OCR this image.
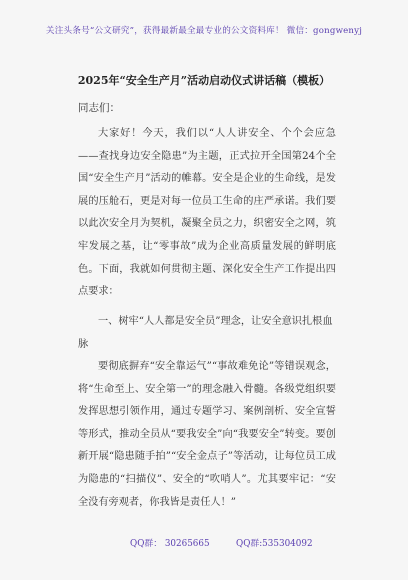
关注头条号“公文研究”，获得最新最全最专业的公文资料库！ 微信：gongwenyj
2025年“安全生产月”活动启动仪式讲话稿（模板）
同志们：
大家好！今天，我们以“人人讲安全、个个会应急——查找身边安全隐患”为主题，正式拉开全国第24个全国“安全生产月”活动的帷幕。安全是企业的生命线，是发展的压舱石，更是对每一位员工生命的庄严承诺。我们要以此次安全月为契机，凝聚全员之力，织密安全之网，筑牢发展之基，让“零事故”成为企业高质量发展的鲜明底色。下面，我就如何贯彻主题、深化安全生产工作提出四点要求：
一、树牢“人人都是安全员”理念，让安全意识扎根血脉
要彻底摒弃“安全靠运气”“事故难免论”等错误观念，将“生命至上、安全第一”的理念融入骨髓。各级党组织要发挥思想引领作用，通过专题学习、案例剖析、安全宣誓等形式，推动全员从“要我安全”向“我要安全”转变。要创新开展“隐患随手拍”“安全金点子”等活动，让每位员工成为隐患的“扫描仪”、安全的“吹哨人”。尤其要牢记：“安全没有旁观者，你我皆是责任人！”
QQ群： 30265665	QQ群:535304092
